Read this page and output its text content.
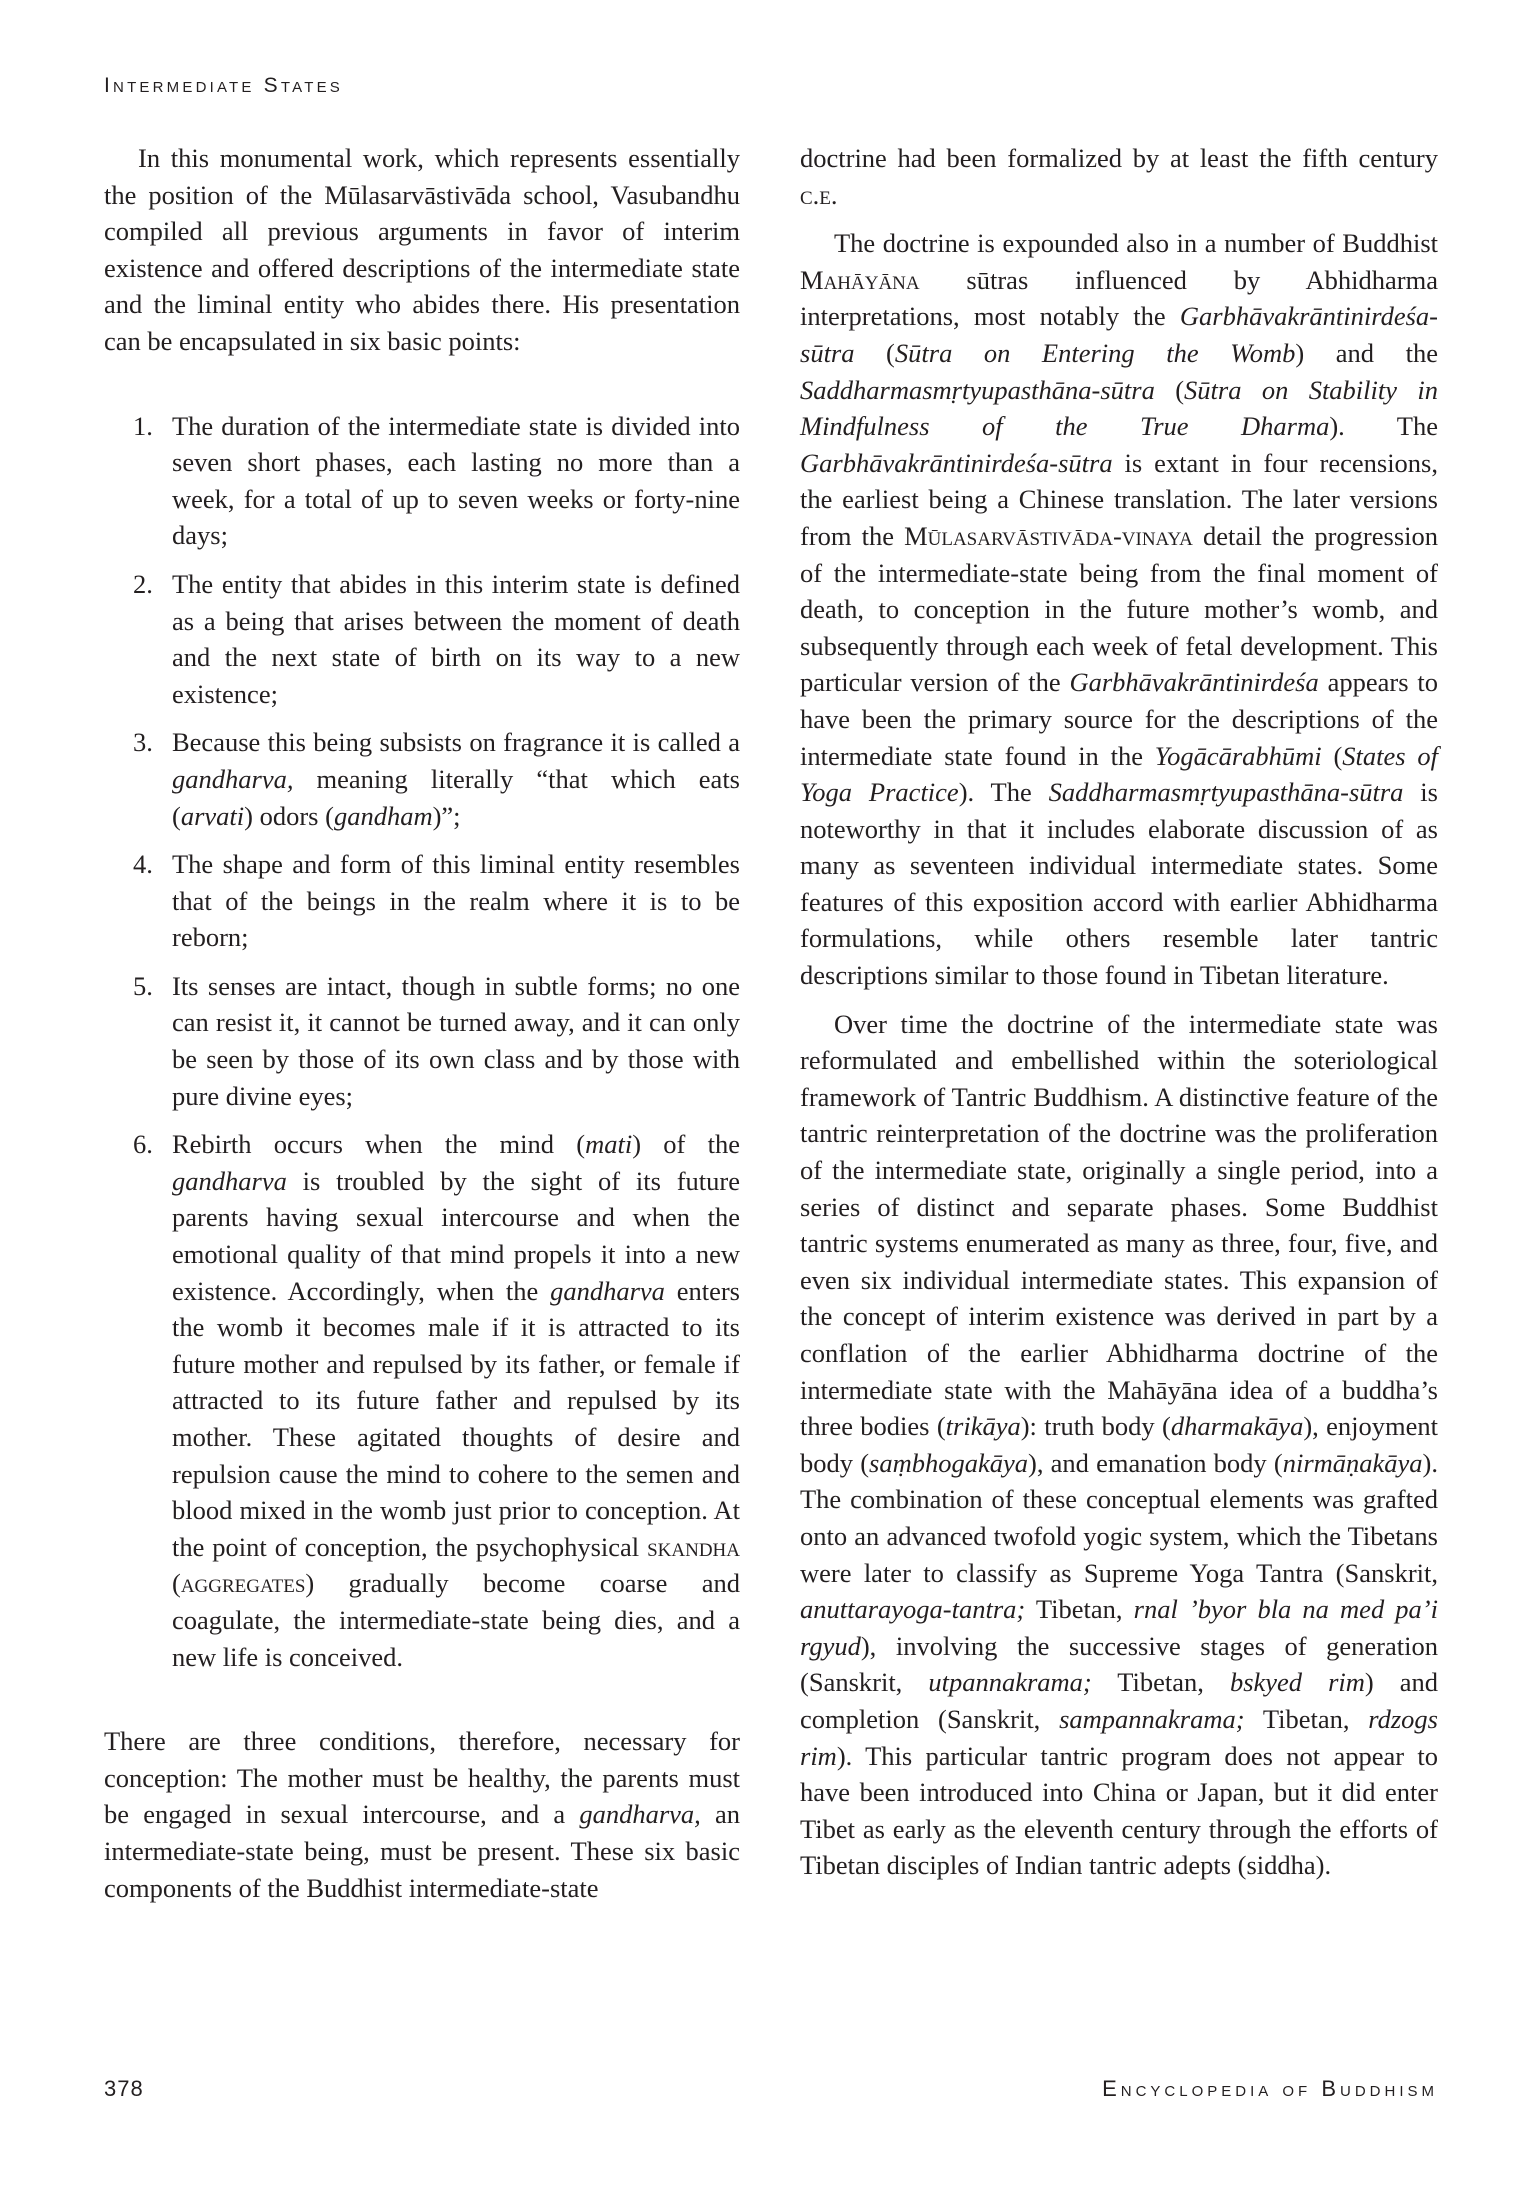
Intermediate States

In this monumental work, which represents essentially the position of the Mūlasarvāstivāda school, Vasubandhu compiled all previous arguments in favor of interim existence and offered descriptions of the intermediate state and the liminal entity who abides there. His presentation can be encapsulated in six basic points:

1. The duration of the intermediate state is divided into seven short phases, each lasting no more than a week, for a total of up to seven weeks or forty-nine days;
2. The entity that abides in this interim state is defined as a being that arises between the moment of death and the next state of birth on its way to a new existence;
3. Because this being subsists on fragrance it is called a gandharva, meaning literally “that which eats (arvati) odors (gandham)”;
4. The shape and form of this liminal entity resembles that of the beings in the realm where it is to be reborn;
5. Its senses are intact, though in subtle forms; no one can resist it, it cannot be turned away, and it can only be seen by those of its own class and by those with pure divine eyes;
6. Rebirth occurs when the mind (mati) of the gandharva is troubled by the sight of its future parents having sexual intercourse and when the emotional quality of that mind propels it into a new existence. Accordingly, when the gandharva enters the womb it becomes male if it is attracted to its future mother and repulsed by its father, or female if attracted to its future father and repulsed by its mother. These agitated thoughts of desire and repulsion cause the mind to cohere to the semen and blood mixed in the womb just prior to conception. At the point of conception, the psychophysical skandha (aggregates) gradually become coarse and coagulate, the intermediate-state being dies, and a new life is conceived.

There are three conditions, therefore, necessary for conception: The mother must be healthy, the parents must be engaged in sexual intercourse, and a gandharva, an intermediate-state being, must be present. These six basic components of the Buddhist intermediate-state

doctrine had been formalized by at least the fifth century c.e.

The doctrine is expounded also in a number of Buddhist Mahāyāna sūtras influenced by Abhidharma interpretations, most notably the Garbhāvakrāntinirdeśa-sūtra (Sūtra on Entering the Womb) and the Saddharmasmṛtyupasthāna-sūtra (Sūtra on Stability in Mindfulness of the True Dharma). The Garbhāvakrāntinirdeśa-sūtra is extant in four recensions, the earliest being a Chinese translation. The later versions from the Mūlasarvāstivāda-vinaya detail the progression of the intermediate-state being from the final moment of death, to conception in the future mother’s womb, and subsequently through each week of fetal development. This particular version of the Garbhāvakrāntinirdeśa appears to have been the primary source for the descriptions of the intermediate state found in the Yogācārabhūmi (States of Yoga Practice). The Saddharmasmṛtyupasthāna-sūtra is noteworthy in that it includes elaborate discussion of as many as seventeen individual intermediate states. Some features of this exposition accord with earlier Abhidharma formulations, while others resemble later tantric descriptions similar to those found in Tibetan literature.

Over time the doctrine of the intermediate state was reformulated and embellished within the soteriological framework of Tantric Buddhism. A distinctive feature of the tantric reinterpretation of the doctrine was the proliferation of the intermediate state, originally a single period, into a series of distinct and separate phases. Some Buddhist tantric systems enumerated as many as three, four, five, and even six individual intermediate states. This expansion of the concept of interim existence was derived in part by a conflation of the earlier Abhidharma doctrine of the intermediate state with the Mahāyāna idea of a buddha’s three bodies (trikāya): truth body (dharmakāya), enjoyment body (saṃbhogakāya), and emanation body (nirmāṇakāya). The combination of these conceptual elements was grafted onto an advanced twofold yogic system, which the Tibetans were later to classify as Supreme Yoga Tantra (Sanskrit, anuttarayoga-tantra; Tibetan, rnal ’byor bla na med pa’i rgyud), involving the successive stages of generation (Sanskrit, utpannakrama; Tibetan, bskyed rim) and completion (Sanskrit, sampannakrama; Tibetan, rdzogs rim). This particular tantric program does not appear to have been introduced into China or Japan, but it did enter Tibet as early as the eleventh century through the efforts of Tibetan disciples of Indian tantric adepts (siddha).

378	Encyclopedia of Buddhism
